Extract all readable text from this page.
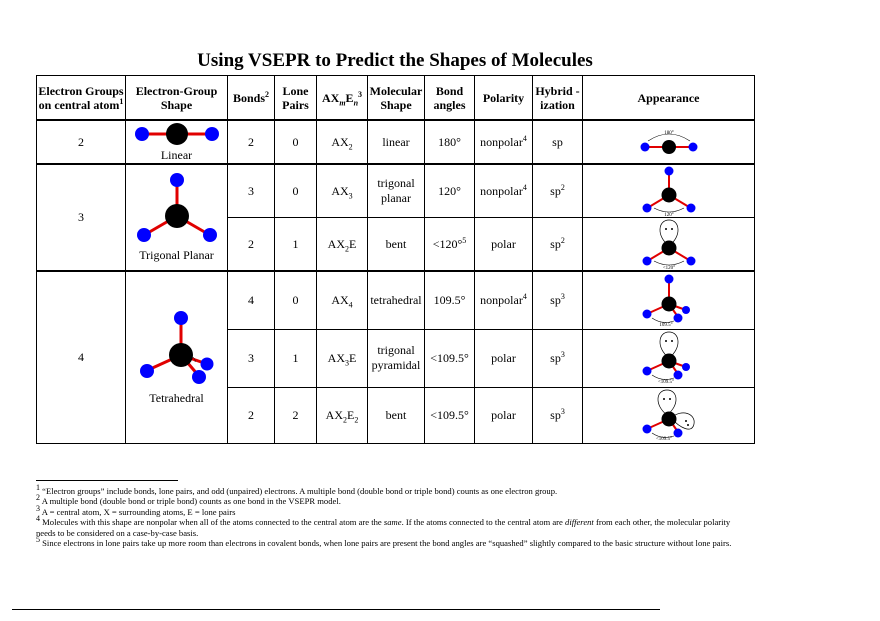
Using VSEPR to Predict the Shapes of Molecules
Electron Groups on central atom$^1$	Electron-Group Shape	Bonds$^2$	Lone Pairs	$AX_mE_n^3$	Molecular Shape	Bond angles	Polarity	Hybrid -ization	Appearance
2	Linear	2	0	$AX_2$	linear	180°	nonpolar$^4$	sp	180°

3	Trigonal Planar	3	0	$AX_3$	trigonal planar	120°	nonpolar$^4$	$sp^2$	120°

		2	1	$AX_2E$	bent	<120°$^5$	polar	$sp^2$	<120°

4	Tetrahedral	4	0	$AX_4$	tetrahedral	109.5°	nonpolar$^4$	$sp^3$	109.5°

		3	1	$AX_3E$	trigonal pyramidal	<109.5°	polar	$sp^3$	<109.5°

		2	2	$AX_2E_2$	bent	<109.5°	polar	$sp^3$	<109.5°

$^1$ “Electron groups” include bonds, lone pairs, and odd (unpaired) electrons. A multiple bond (double bond or triple bond) counts as one electron group.

$^2$ A multiple bond (double bond or triple bond) counts as one bond in the VSEPR model.

$^3$ A = central atom, X = surrounding atoms, E = lone pairs

$^4$ Molecules with this shape are nonpolar when all of the atoms connected to the central atom are the same. If the atoms connected to the central atom are different from each other, the molecular polarity needs to be considered on a case-by-case basis.

$^5$ Since electrons in lone pairs take up more room than electrons in covalent bonds, when lone pairs are present the bond angles are “squashed” slightly compared to the basic structure without lone pairs.
